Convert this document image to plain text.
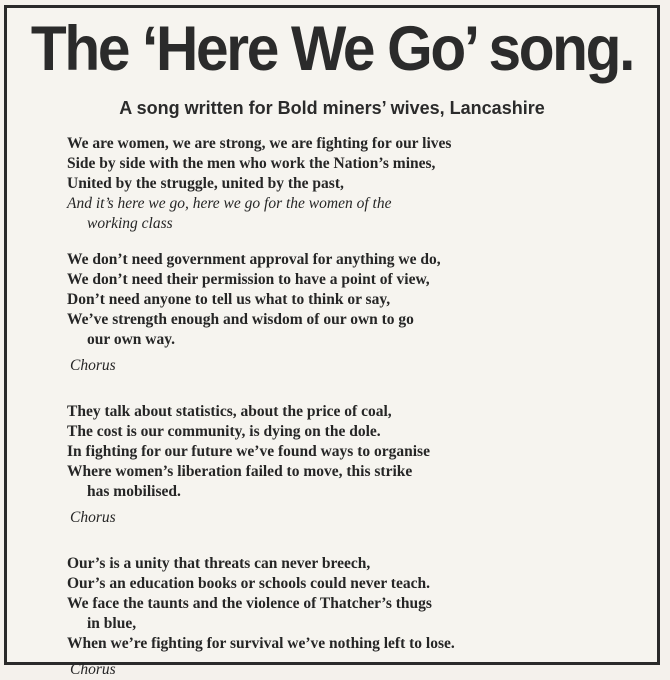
The ‘Here We Go’ song.
A song written for Bold miners’ wives, Lancashire
We are women, we are strong, we are fighting for our lives
Side by side with the men who work the Nation’s mines,
United by the struggle, united by the past,
And it’s here we go, here we go for the women of the
working class
We don’t need government approval for anything we do,
We don’t need their permission to have a point of view,
Don’t need anyone to tell us what to think or say,
We’ve strength enough and wisdom of our own to go
our own way.
Chorus
They talk about statistics, about the price of coal,
The cost is our community, is dying on the dole.
In fighting for our future we’ve found ways to organise
Where women’s liberation failed to move, this strike
has mobilised.
Chorus
Our’s is a unity that threats can never breech,
Our’s an education books or schools could never teach.
We face the taunts and the violence of Thatcher’s thugs
in blue,
When we’re fighting for survival we’ve nothing left to lose.
Chorus
